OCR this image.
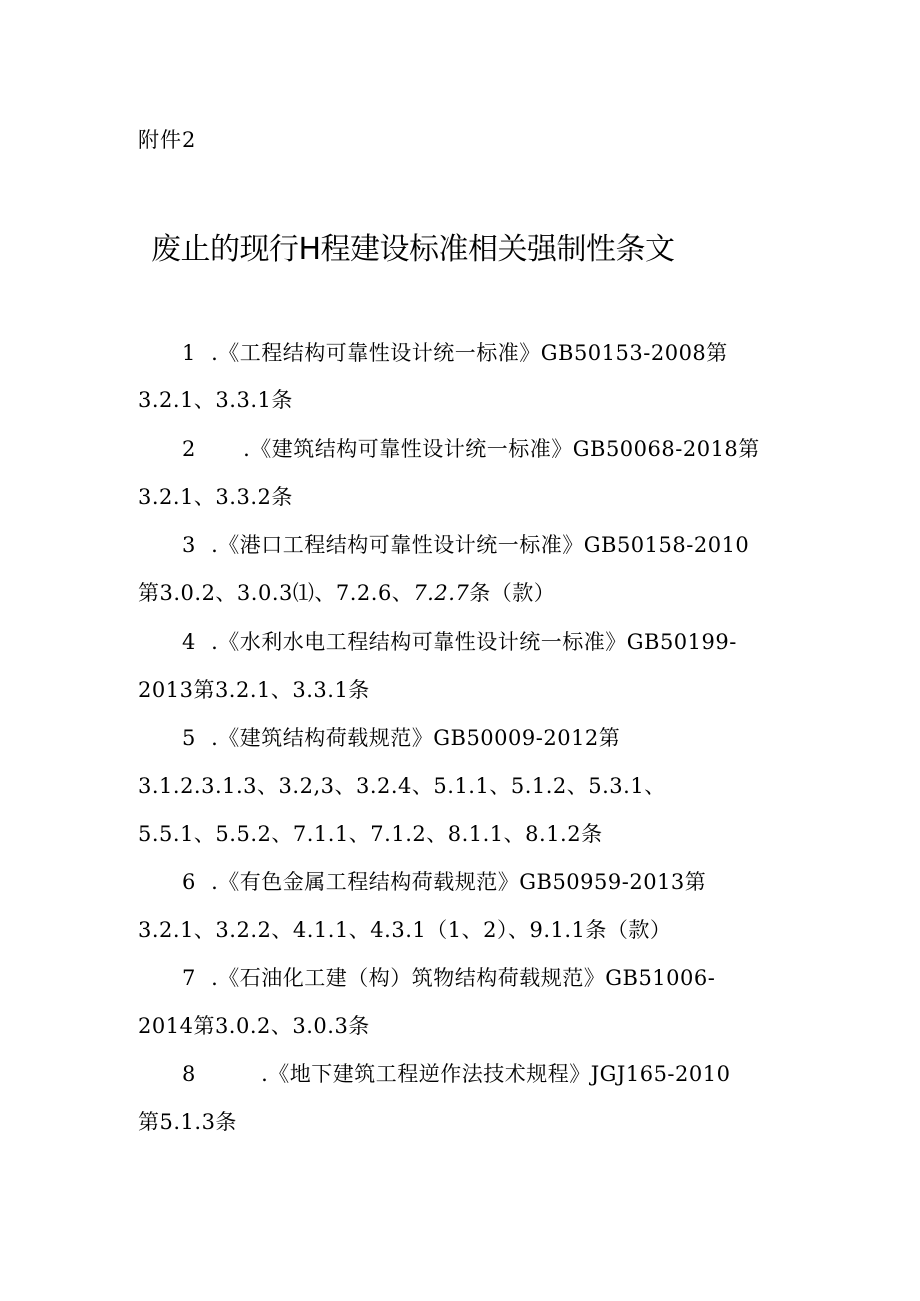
附件2
废止的现行H程建设标准相关强制性条文
1 .《工程结构可靠性设计统一标准》GB50153-2008第
3.2.1、3.3.1条
2 .《建筑结构可靠性设计统一标准》GB50068-2018第
3.2.1、3.3.2条
3 .《港口工程结构可靠性设计统一标准》GB50158-2010
第3.0.2、3.0.3⑴、7.2.6、7.2.7条（款）
4 .《水利水电工程结构可靠性设计统一标准》GB50199-
2013第3.2.1、3.3.1条
5 .《建筑结构荷载规范》GB50009-2012第
3.1.2.3.1.3、3.2,3、3.2.4、5.1.1、5.1.2、5.3.1、
5.5.1、5.5.2、7.1.1、7.1.2、8.1.1、8.1.2条
6 .《有色金属工程结构荷载规范》GB50959-2013第
3.2.1、3.2.2、4.1.1、4.3.1（1、2）、9.1.1条（款）
7 .《石油化工建（构）筑物结构荷载规范》GB51006-
2014第3.0.2、3.0.3条
8	.《地下建筑工程逆作法技术规程》JGJ165-2010
第5.1.3条
